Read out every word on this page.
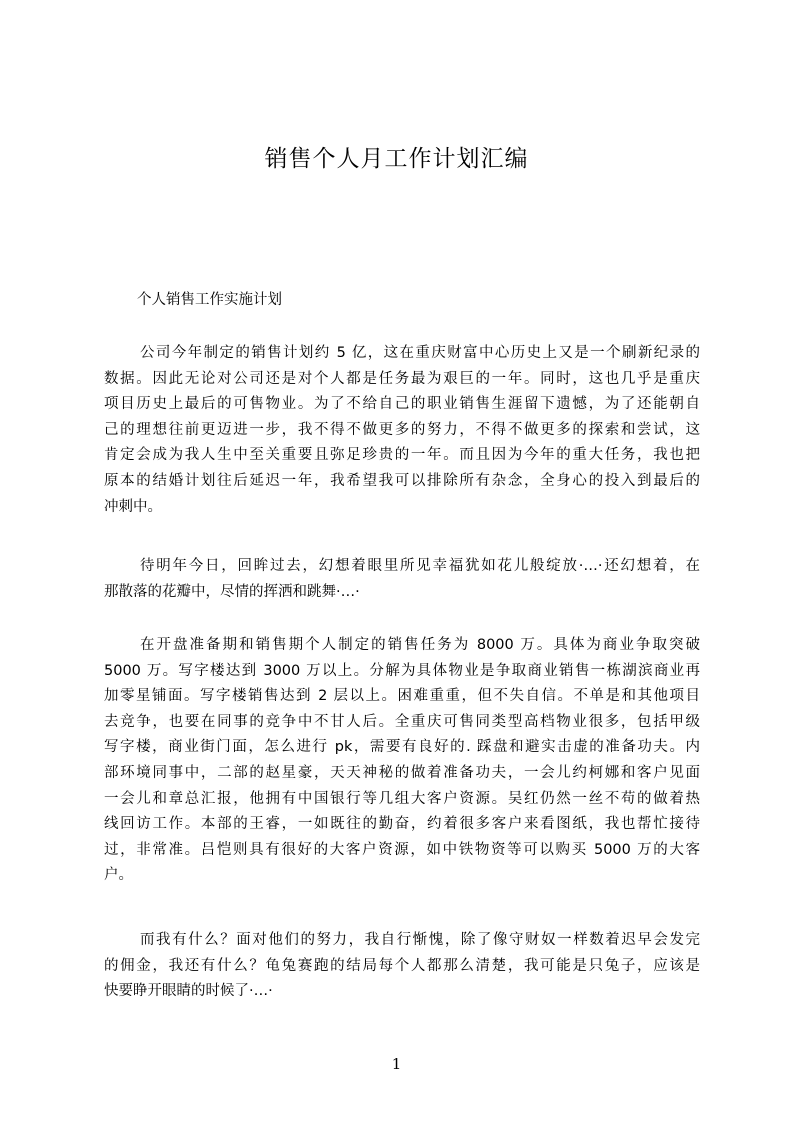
销售个人月工作计划汇编
个人销售工作实施计划
公司今年制定的销售计划约 5 亿，这在重庆财富中心历史上又是一个刷新纪录的
数据。因此无论对公司还是对个人都是任务最为艰巨的一年。同时，这也几乎是重庆
项目历史上最后的可售物业。为了不给自己的职业销售生涯留下遗憾，为了还能朝自
己的理想往前更迈进一步，我不得不做更多的努力，不得不做更多的探索和尝试，这
肯定会成为我人生中至关重要且弥足珍贵的一年。而且因为今年的重大任务，我也把
原本的结婚计划往后延迟一年，我希望我可以排除所有杂念，全身心的投入到最后的
冲刺中。
待明年今日，回眸过去，幻想着眼里所见幸福犹如花儿般绽放·…·还幻想着，在
那散落的花瓣中，尽情的挥洒和跳舞·…·
在开盘准备期和销售期个人制定的销售任务为 8000 万。具体为商业争取突破
5000 万。写字楼达到 3000 万以上。分解为具体物业是争取商业销售一栋湖滨商业再
加零星铺面。写字楼销售达到 2 层以上。困难重重，但不失自信。不单是和其他项目
去竞争，也要在同事的竞争中不甘人后。全重庆可售同类型高档物业很多，包括甲级
写字楼，商业街门面，怎么进行 pk，需要有良好的. 踩盘和避实击虚的准备功夫。内
部环境同事中，二部的赵星豪，天天神秘的做着准备功夫，一会儿约柯娜和客户见面
一会儿和章总汇报，他拥有中国银行等几组大客户资源。吴红仍然一丝不苟的做着热
线回访工作。本部的王睿，一如既往的勤奋，约着很多客户来看图纸，我也帮忙接待
过，非常准。吕恺则具有很好的大客户资源，如中铁物资等可以购买 5000 万的大客
户。
而我有什么？面对他们的努力，我自行惭愧，除了像守财奴一样数着迟早会发完
的佣金，我还有什么？龟兔赛跑的结局每个人都那么清楚，我可能是只兔子，应该是
快要睁开眼睛的时候了·…·
1
